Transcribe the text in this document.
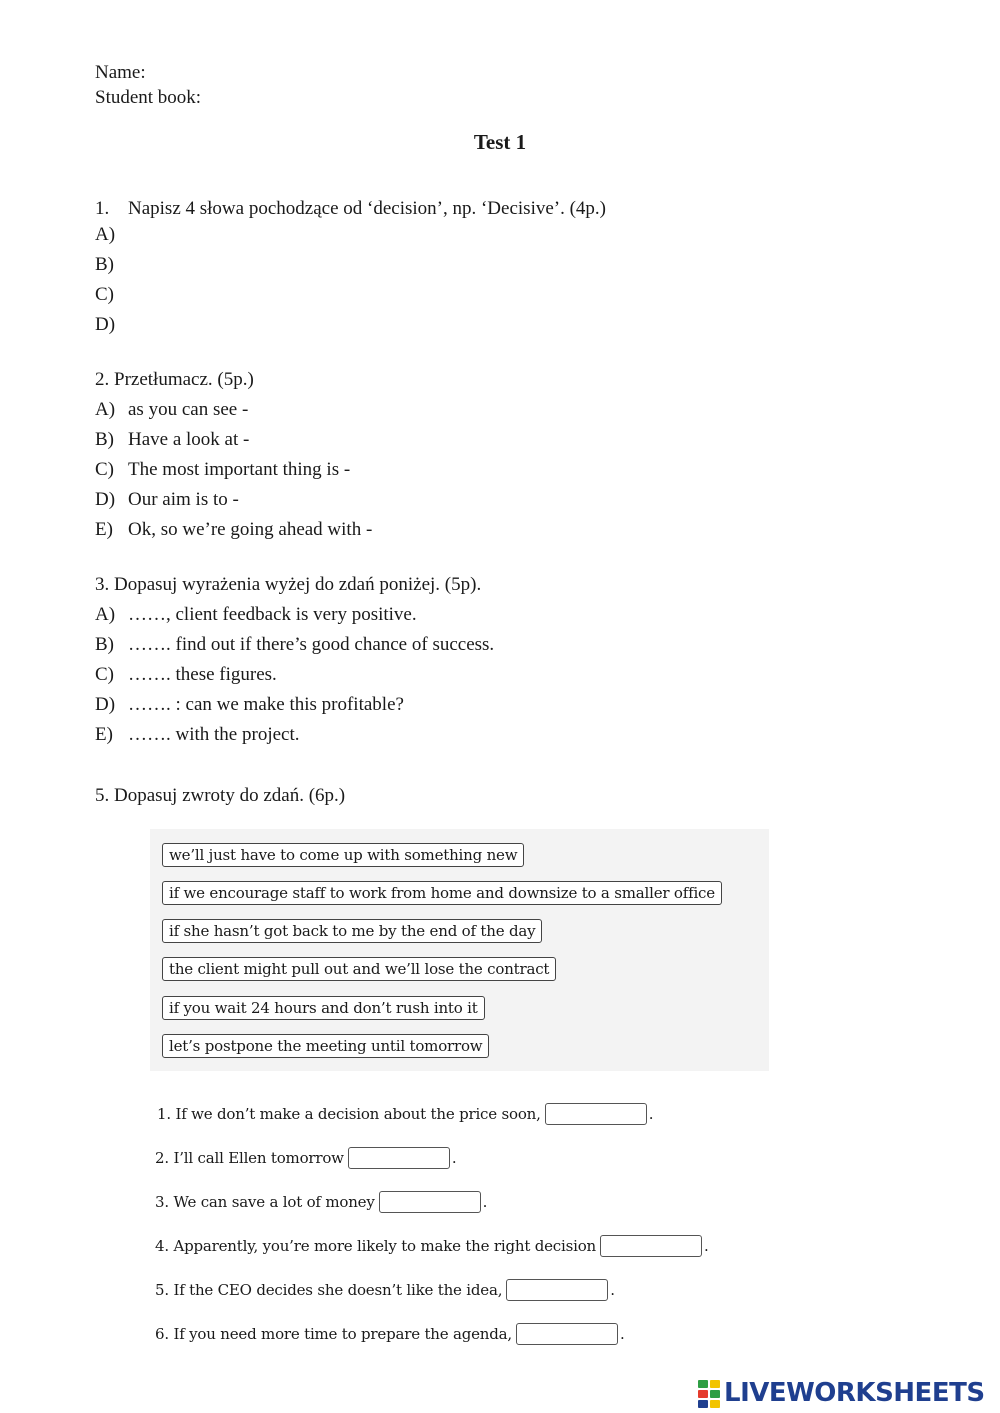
Name:
Student book:
Test 1
1. Napisz 4 słowa pochodzące od ‘decision’, np. ‘Decisive’. (4p.)
A)
B)
C)
D)
2. Przetłumacz. (5p.)
A) as you can see -
B) Have a look at -
C) The most important thing is -
D) Our aim is to -
E) Ok, so we’re going ahead with -
3. Dopasuj wyrażenia wyżej do zdań poniżej. (5p).
A) ……, client feedback is very positive.
B) ……. find out if there’s good chance of success.
C) ……. these figures.
D) ……. : can we make this profitable?
E) ……. with the project.
5. Dopasuj zwroty do zdań. (6p.)
we’ll just have to come up with something new
if we encourage staff to work from home and downsize to a smaller office
if she hasn’t got back to me by the end of the day
the client might pull out and we’ll lose the contract
if you wait 24 hours and don’t rush into it
let’s postpone the meeting until tomorrow
1. If we don’t make a decision about the price soon,	.
2. I’ll call Ellen tomorrow	.
3. We can save a lot of money	.
4. Apparently, you’re more likely to make the right decision	.
5. If the CEO decides she doesn’t like the idea,	.
6. If you need more time to prepare the agenda,	.
LIVEWORKSHEETS
